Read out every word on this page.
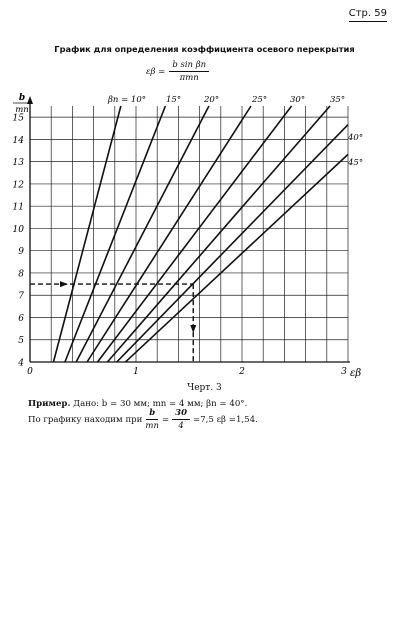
Стр. 59
График для определения коэффициента осевого перекрытия
$\varepsilon\beta = \frac{\text{b sin βn}}{\text{πmn}}$
4
5
6
7
8
9
10
11
12
13
14
15
0	1	2	3
b
mn
εβ
βn = 10° 15°	20°	25°	30°	35°
40°
45°
Черт. 3
Пример. Дано: b = 30 мм; mn = 4 мм; βn = 40°.
По графику находим при $\frac{b}{mn} = \frac{30}{4} =7,5$ εβ =1,54.
